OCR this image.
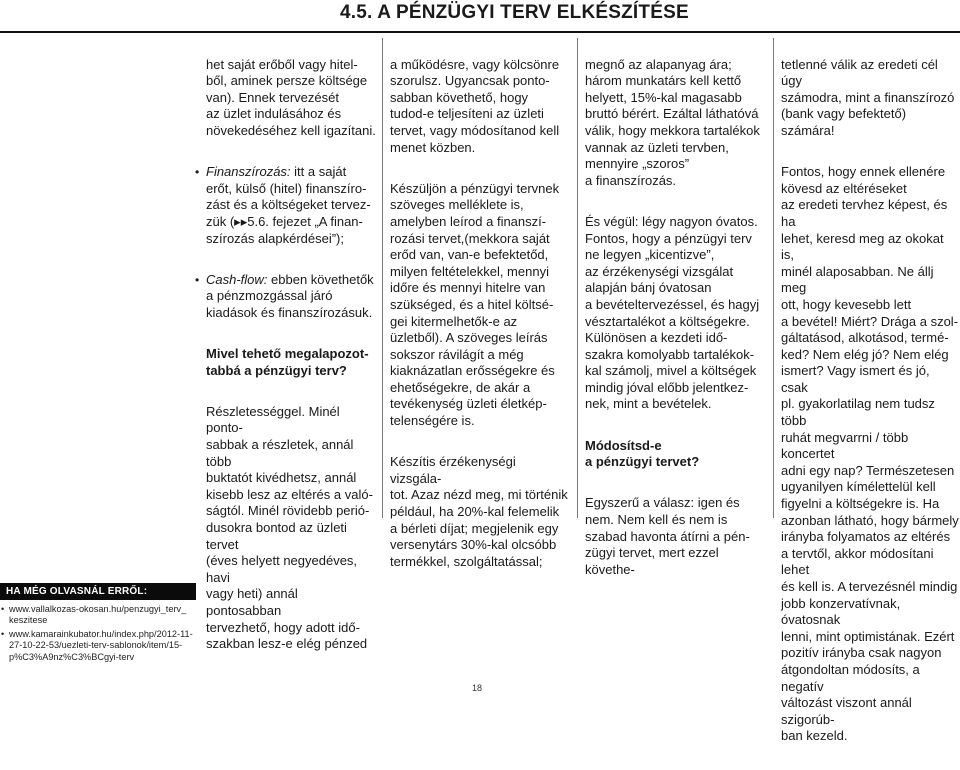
4.5. A PÉNZÜGYI TERV ELKÉSZÍTÉSE

het saját erőből vagy hitel-
ből, aminek persze költsége
van). Ennek tervezését
az üzlet indulásához és
növekedéséhez kell igazítani.

• Finanszírozás: itt a saját
erőt, külső (hitel) finanszíro-
zást és a költségeket tervez-
zük (▸▸5.6. fejezet „A finan-
szírozás alapkérdései”);

• Cash-flow: ebben követhetők
a pénzmozgással járó
kiadások és finanszírozásuk.

Mivel tehető megalapozot-
tabbá a pénzügyi terv?

Részletességgel. Minél ponto-
sabbak a részletek, annál több
buktatót kivédhetsz, annál
kisebb lesz az eltérés a való-
ságtól. Minél rövidebb perió-
dusokra bontod az üzleti tervet
(éves helyett negyedéves, havi
vagy heti) annál pontosabban
tervezhető, hogy adott idő-
szakban lesz-e elég pénzed

a működésre, vagy kölcsönre
szorulsz. Ugyancsak ponto-
sabban követhető, hogy
tudod-e teljesíteni az üzleti
tervet, vagy módosítanod kell
menet közben.

Készüljön a pénzügyi tervnek
szöveges melléklete is,
amelyben leírod a finanszí-
rozási tervet,(mekkora saját
erőd van, van-e befektetőd,
milyen feltételekkel, mennyi
időre és mennyi hitelre van
szükséged, és a hitel költsé-
gei kitermelhetők-e az
üzletből). A szöveges leírás
sokszor rávilágít a még
kiaknázatlan erősségekre és
ehetőségekre, de akár a
tevékenység üzleti életkép-
telenségére is.

Készítis érzékenységi vizsgála-
tot. Azaz nézd meg, mi történik
például, ha 20%-kal felemelik
a bérleti díjat; megjelenik egy
versenytárs 30%-kal olcsóbb
termékkel, szolgáltatással;

megnő az alapanyag ára;
három munkatárs kell kettő
helyett, 15%-kal magasabb
bruttó bérért. Ezáltal láthatóvá
válik, hogy mekkora tartalékok
vannak az üzleti tervben,
mennyire „szoros”
a finanszírozás.

És végül: légy nagyon óvatos.
Fontos, hogy a pénzügyi terv
ne legyen „kicentizve”,
az érzékenységi vizsgálat
alapján bánj óvatosan
a bevételtervezéssel, és hagyj
vésztartalékot a költségekre.
Különösen a kezdeti idő-
szakra komolyabb tartalékok-
kal számolj, mivel a költségek
mindig jóval előbb jelentkez-
nek, mint a bevételek.

Módosítsd-e
a pénzügyi tervet?

Egyszerű a válasz: igen és
nem. Nem kell és nem is
szabad havonta átírni a pén-
zügyi tervet, mert ezzel követhe-

tetlenné válik az eredeti cél úgy
számodra, mint a finanszírozó
(bank vagy befektető) számára!

Fontos, hogy ennek ellenére
kövesd az eltéréseket
az eredeti tervhez képest, és ha
lehet, keresd meg az okokat is,
minél alaposabban. Ne állj meg
ott, hogy kevesebb lett
a bevétel! Miért? Drága a szol-
gáltatásod, alkotásod, termé-
ked? Nem elég jó? Nem elég
ismert? Vagy ismert és jó, csak
pl. gyakorlatilag nem tudsz több
ruhát megvarrni / több koncertet
adni egy nap? Természetesen
ugyanilyen kímélettelül kell
figyelni a költségekre is. Ha
azonban látható, hogy bármely
irányba folyamatos az eltérés
a tervtől, akkor módosítani lehet
és kell is. A tervezésnél mindig
jobb konzervatívnak, óvatosnak
lenni, mint optimistának. Ezért
pozitív irányba csak nagyon
átgondoltan módosíts, a negatív
változást viszont annál szigorúb-
ban kezeld.

HA MÉG OLVASNÁL ERRŐL:
• www.vallalkozas-okosan.hu/penzugyi_terv_
keszitese
• www.kamarainkubator.hu/index.php/2012-11-
27-10-22-53/uezleti-terv-sablonok/item/15-
p%C3%A9nz%C3%BCgyi-terv
18
